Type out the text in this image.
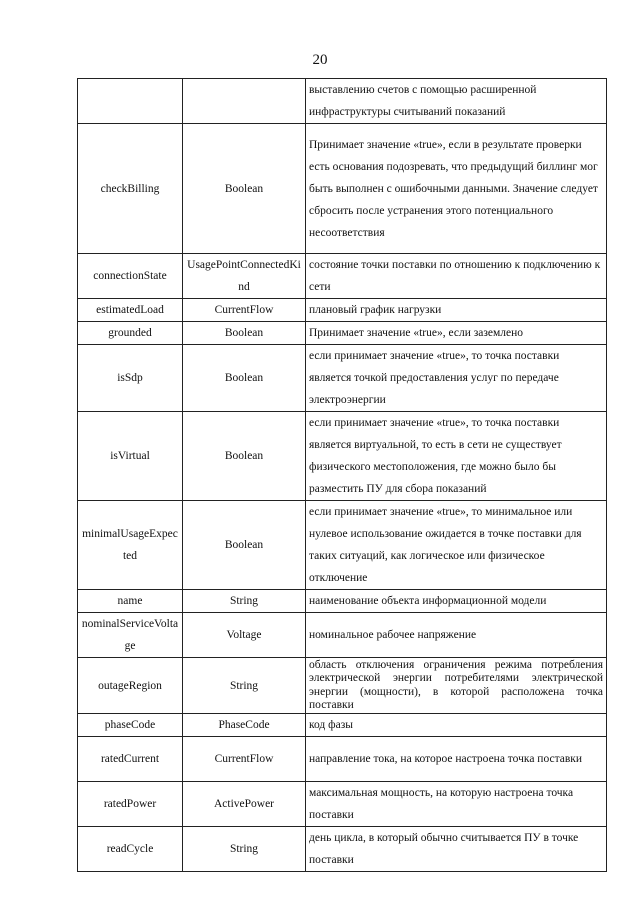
20
		выставлению счетов с помощью расширенной инфраструктуры считываний показаний
checkBilling	Boolean	Принимает значение «true», если в результате проверки есть основания подозревать, что предыдущий биллинг мог быть выполнен с ошибочными данными. Значение следует сбросить после устранения этого потенциального несоответствия
connectionState	UsagePointConnectedKind	состояние точки поставки по отношению к подключению к сети
estimatedLoad	CurrentFlow	плановый график нагрузки
grounded	Boolean	Принимает значение «true», если заземлено
isSdp	Boolean	если принимает значение «true», то точка поставки является точкой предоставления услуг по передаче электроэнергии
isVirtual	Boolean	если принимает значение «true», то точка поставки является виртуальной, то есть в сети не существует физического местоположения, где можно было бы разместить ПУ для сбора показаний
minimalUsageExpected	Boolean	если принимает значение «true», то минимальное или нулевое использование ожидается в точке поставки для таких ситуаций, как логическое или физическое отключение
name	String	наименование объекта информационной модели
nominalServiceVoltage	Voltage	номинальное рабочее напряжение
outageRegion	String	область отключения ограничения режима потребления электрической энергии потребителями электрической энергии (мощности), в которой расположена точка поставки
phaseCode	PhaseCode	код фазы
ratedCurrent	CurrentFlow	направление тока, на которое настроена точка поставки
ratedPower	ActivePower	максимальная мощность, на которую настроена точка поставки
readCycle	String	день цикла, в который обычно считывается ПУ в точке поставки
